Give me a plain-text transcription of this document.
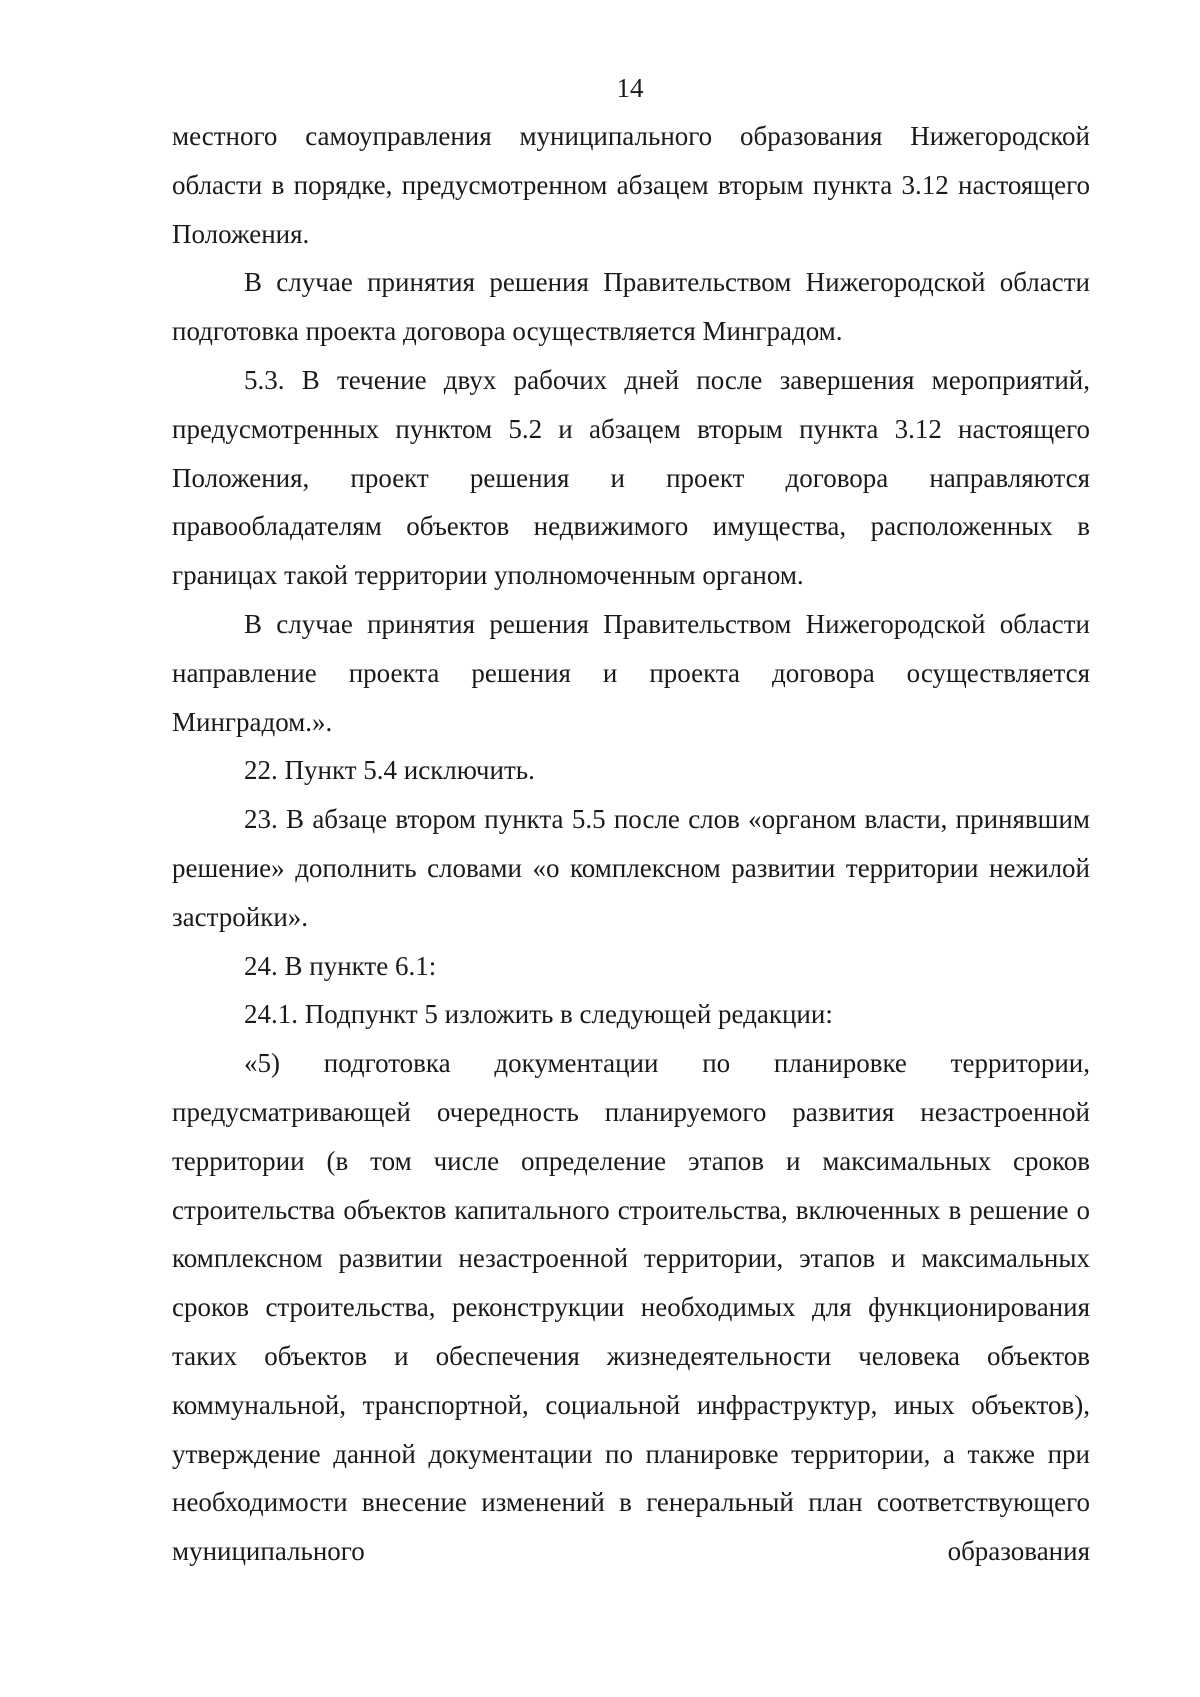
14

местного самоуправления муниципального образования Нижегородской области в порядке, предусмотренном абзацем вторым пункта 3.12 настоящего Положения.

В случае принятия решения Правительством Нижегородской области подготовка проекта договора осуществляется Минградом.

5.3. В течение двух рабочих дней после завершения мероприятий, предусмотренных пунктом 5.2 и абзацем вторым пункта 3.12 настоящего Положения, проект решения и проект договора направляются правообладателям объектов недвижимого имущества, расположенных в границах такой территории уполномоченным органом.

В случае принятия решения Правительством Нижегородской области направление проекта решения и проекта договора осуществляется Минградом.».

22. Пункт 5.4 исключить.

23. В абзаце втором пункта 5.5 после слов «органом власти, принявшим решение» дополнить словами «о комплексном развитии территории нежилой застройки».

24. В пункте 6.1:

24.1. Подпункт 5 изложить в следующей редакции:

«5) подготовка документации по планировке территории, предусматривающей очередность планируемого развития незастроенной территории (в том числе определение этапов и максимальных сроков строительства объектов капитального строительства, включенных в решение о комплексном развитии незастроенной территории, этапов и максимальных сроков строительства, реконструкции необходимых для функционирования таких объектов и обеспечения жизнедеятельности человека объектов коммунальной, транспортной, социальной инфраструктур, иных объектов), утверждение данной документации по планировке территории, а также при необходимости внесение изменений в генеральный план соответствующего муниципального образования
